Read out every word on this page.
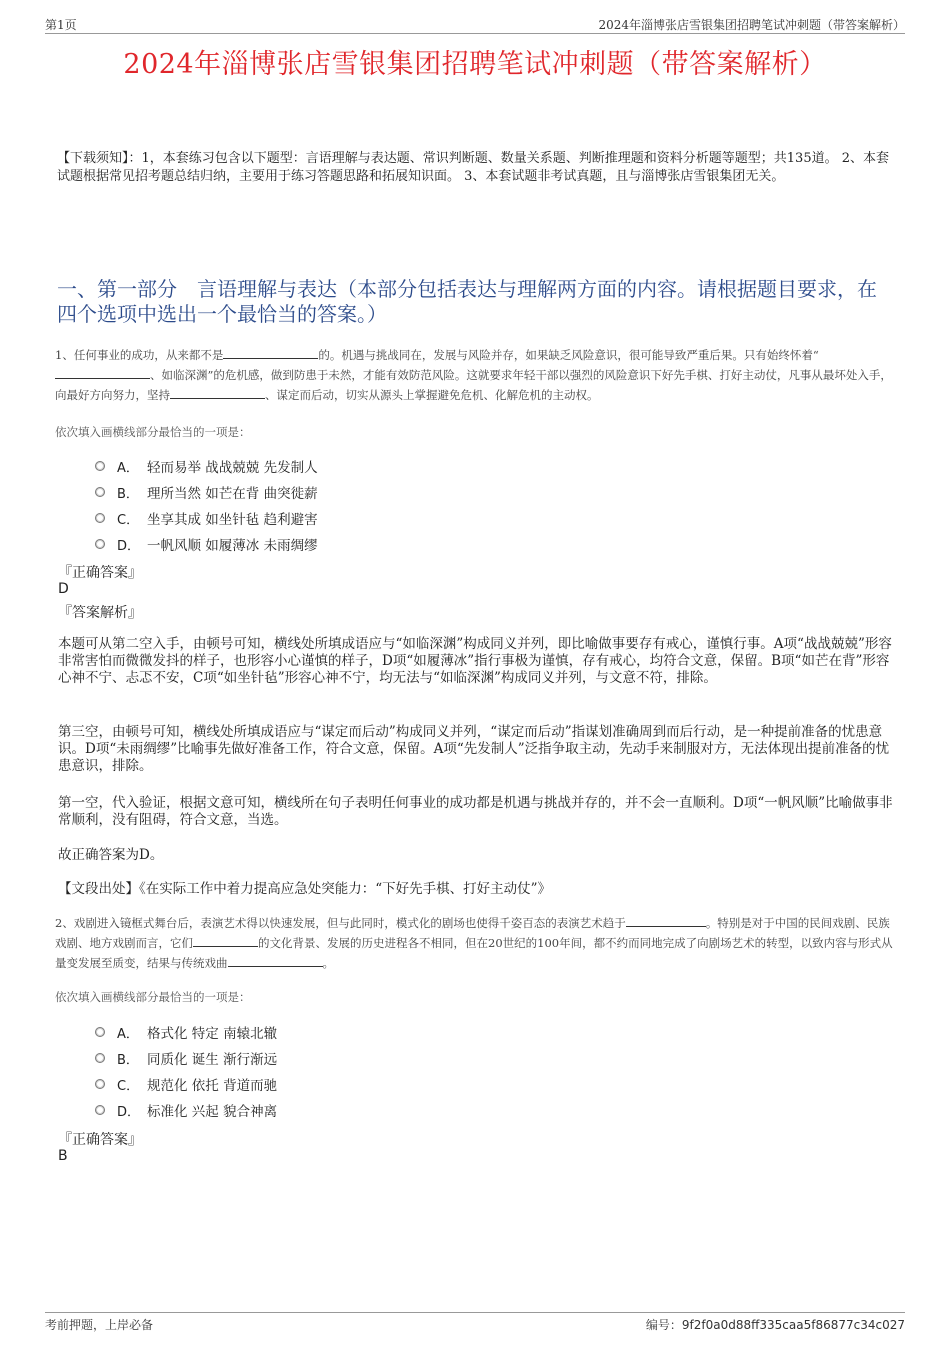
第1页	2024年淄博张店雪银集团招聘笔试冲刺题（带答案解析）
2024年淄博张店雪银集团招聘笔试冲刺题（带答案解析）
【下载须知】：1，本套练习包含以下题型：言语理解与表达题、常识判断题、数量关系题、判断推理题和资料分析题等题型；共135道。 2、本套试题根据常见招考题总结归纳，主要用于练习答题思路和拓展知识面。 3、本套试题非考试真题，且与淄博张店雪银集团无关。
一、第一部分　言语理解与表达（本部分包括表达与理解两方面的内容。请根据题目要求，在四个选项中选出一个最恰当的答案。）
1、任何事业的成功，从来都不是	的。机遇与挑战同在，发展与风险并存，如果缺乏风险意识，很可能导致严重后果。只有始终怀着“、如临深渊”的危机感，做到防患于未然，才能有效防范风险。这就要求年轻干部以强烈的风险意识下好先手棋、打好主动仗，凡事从最坏处入手，向最好方向努力，坚持	、谋定而后动，切实从源头上掌握避免危机、化解危机的主动权。
依次填入画横线部分最恰当的一项是：
A． 轻而易举 战战兢兢 先发制人
B． 理所当然 如芒在背 曲突徙薪
C． 坐享其成 如坐针毡 趋利避害
D． 一帆风顺 如履薄冰 未雨绸缪
『正确答案』
D
『答案解析』
本题可从第二空入手，由顿号可知，横线处所填成语应与“如临深渊”构成同义并列，即比喻做事要存有戒心，谨慎行事。A项“战战兢兢”形容非常害怕而微微发抖的样子，也形容小心谨慎的样子，D项“如履薄冰”指行事极为谨慎，存有戒心，均符合文意，保留。B项“如芒在背”形容心神不宁、忐忑不安，C项“如坐针毡”形容心神不宁，均无法与“如临深渊”构成同义并列，与文意不符，排除。
第三空，由顿号可知，横线处所填成语应与“谋定而后动”构成同义并列，“谋定而后动”指谋划准确周到而后行动，是一种提前准备的忧患意识。D项“未雨绸缪”比喻事先做好准备工作，符合文意，保留。A项“先发制人”泛指争取主动，先动手来制服对方，无法体现出提前准备的忧患意识，排除。
第一空，代入验证，根据文意可知，横线所在句子表明任何事业的成功都是机遇与挑战并存的，并不会一直顺利。D项“一帆风顺”比喻做事非常顺利，没有阻碍，符合文意，当选。
故正确答案为D。
【文段出处】《在实际工作中着力提高应急处突能力：“下好先手棋、打好主动仗”》
2、戏剧进入镜框式舞台后，表演艺术得以快速发展，但与此同时，模式化的剧场也使得千姿百态的表演艺术趋于	。特别是对于中国的民间戏剧、民族戏剧、地方戏剧而言，它们	的文化背景、发展的历史进程各不相同，但在20世纪的100年间，都不约而同地完成了向剧场艺术的转型，以致内容与形式从量变发展至质变，结果与传统戏曲	。
依次填入画横线部分最恰当的一项是：
A． 格式化 特定 南辕北辙
B． 同质化 诞生 渐行渐远
C． 规范化 依托 背道而驰
D． 标准化 兴起 貌合神离
『正确答案』
B
考前押题，上岸必备	编号：9f2f0a0d88ff335caa5f86877c34c027
